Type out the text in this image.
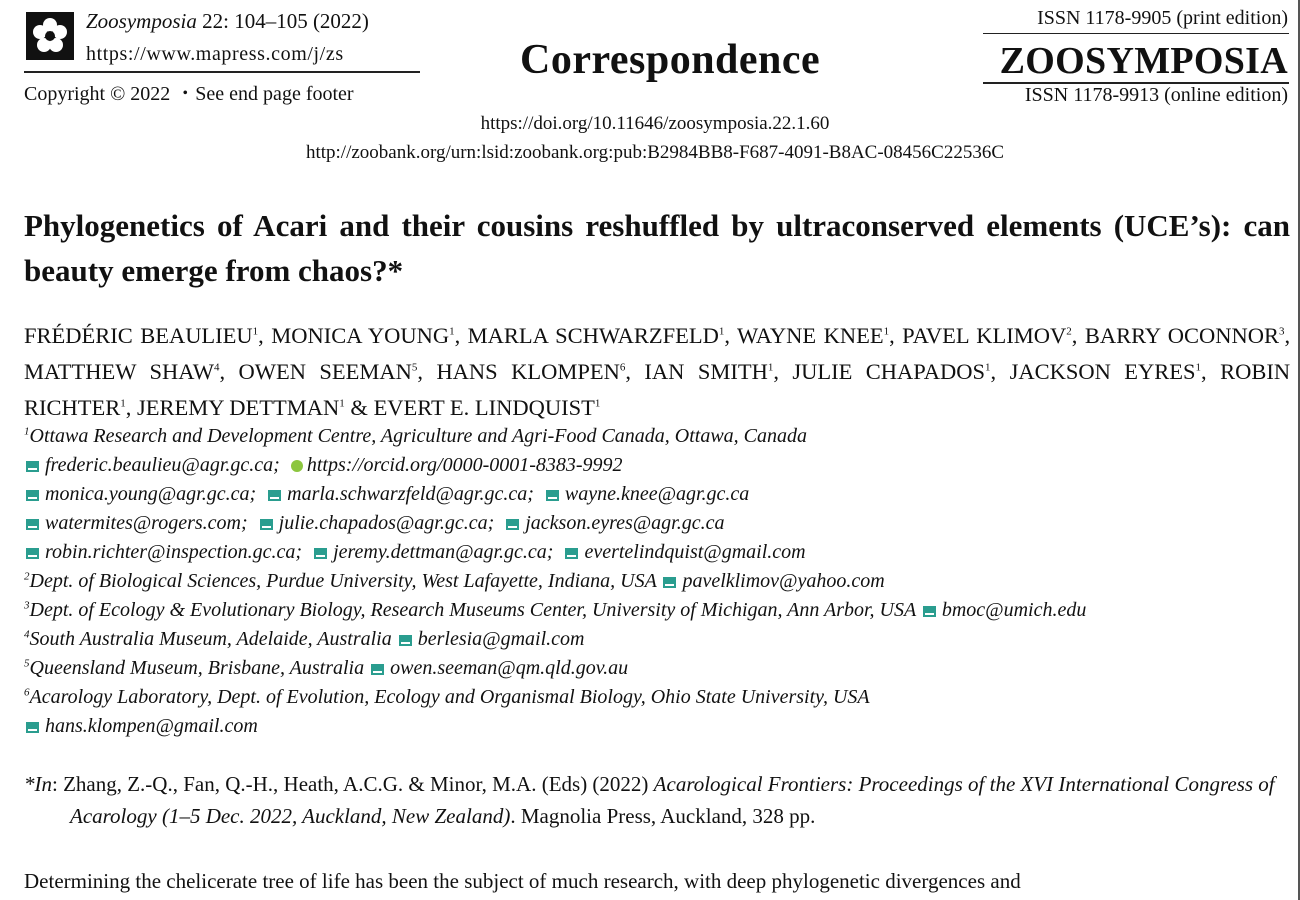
Zoosymposia 22: 104–105 (2022)
https://www.mapress.com/j/zs
Copyright © 2022 ・See end page footer
Correspondence
ISSN 1178-9905 (print edition)
ZOOSYMPOSIA
ISSN 1178-9913 (online edition)
https://doi.org/10.11646/zoosymposia.22.1.60
http://zoobank.org/urn:lsid:zoobank.org:pub:B2984BB8-F687-4091-B8AC-08456C22536C
Phylogenetics of Acari and their cousins reshuffled by ultraconserved elements (UCE’s): can beauty emerge from chaos?*
FRÉDÉRIC BEAULIEU$^1$, MONICA YOUNG$^1$, MARLA SCHWARZFELD$^1$, WAYNE KNEE$^1$, PAVEL KLIMOV$^2$, BARRY OCONNOR$^3$, MATTHEW SHAW$^4$, OWEN SEEMAN$^5$, HANS KLOMPEN$^6$, IAN SMITH$^1$, JULIE CHAPADOS$^1$, JACKSON EYRES$^1$, ROBIN RICHTER$^1$, JEREMY DETTMAN$^1$ & EVERT E. LINDQUIST$^1$
$^1$Ottawa Research and Development Centre, Agriculture and Agri-Food Canada, Ottawa, Canada
frederic.beaulieu@agr.gc.ca; https://orcid.org/0000-0001-8383-9992
monica.young@agr.gc.ca; marla.schwarzfeld@agr.gc.ca; wayne.knee@agr.gc.ca
watermites@rogers.com; julie.chapados@agr.gc.ca; jackson.eyres@agr.gc.ca
robin.richter@inspection.gc.ca; jeremy.dettman@agr.gc.ca; evertelindquist@gmail.com
$^2$Dept. of Biological Sciences, Purdue University, West Lafayette, Indiana, USA pavelklimov@yahoo.com
$^3$Dept. of Ecology & Evolutionary Biology, Research Museums Center, University of Michigan, Ann Arbor, USA bmoc@umich.edu
$^4$South Australia Museum, Adelaide, Australia berlesia@gmail.com
$^5$Queensland Museum, Brisbane, Australia owen.seeman@qm.qld.gov.au
$^6$Acarology Laboratory, Dept. of Evolution, Ecology and Organismal Biology, Ohio State University, USA
hans.klompen@gmail.com
*In: Zhang, Z.-Q., Fan, Q.-H., Heath, A.C.G. & Minor, M.A. (Eds) (2022) Acarological Frontiers: Proceedings of the XVI International Congress of Acarology (1–5 Dec. 2022, Auckland, New Zealand). Magnolia Press, Auckland, 328 pp.
Determining the chelicerate tree of life has been the subject of much research, with deep phylogenetic divergences and
